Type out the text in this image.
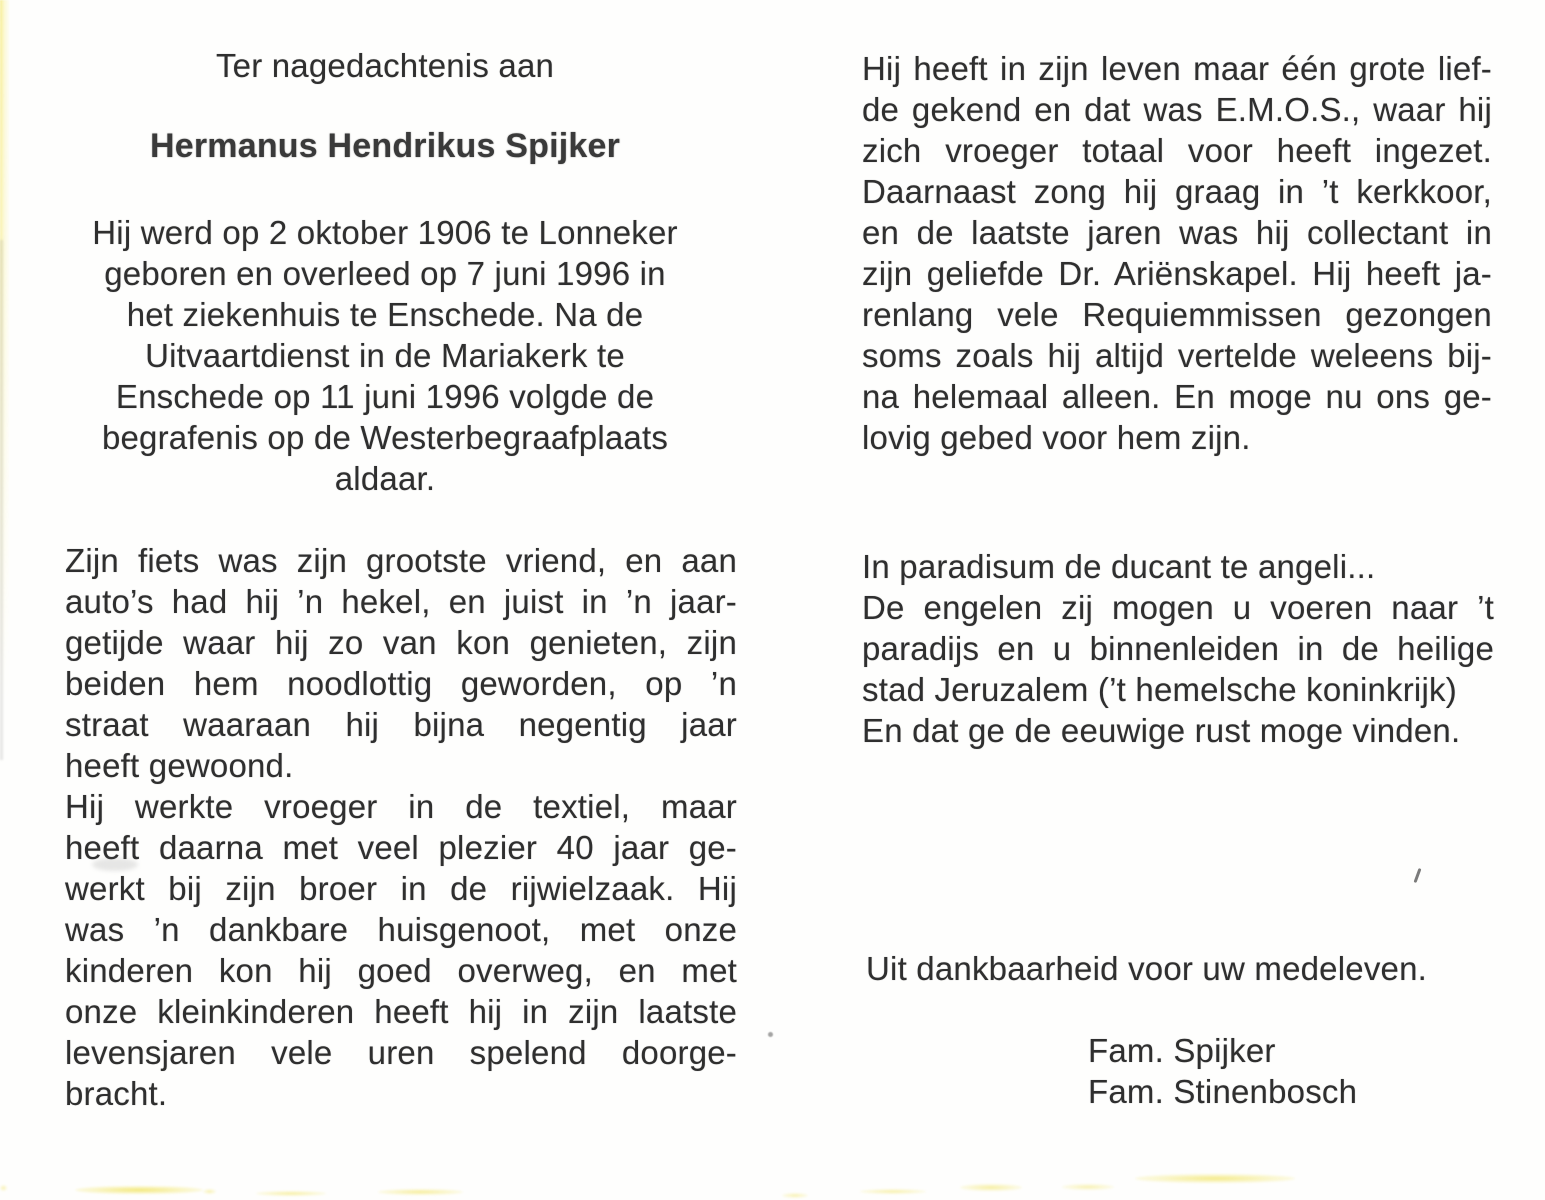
Ter nagedachtenis aan
Hermanus Hendrikus Spijker
Hij werd op 2 oktober 1906 te Lonneker
geboren en overleed op 7 juni 1996 in
het ziekenhuis te Enschede. Na de
Uitvaartdienst in de Mariakerk te
Enschede op 11 juni 1996 volgde de
begrafenis op de Westerbegraafplaats
aldaar.
Zijn fiets was zijn grootste vriend, en aan
auto’s had hij ’n hekel, en juist in ’n jaar-
getijde waar hij zo van kon genieten, zijn
beiden hem noodlottig geworden, op ’n
straat waaraan hij bijna negentig jaar
heeft gewoond.
Hij werkte vroeger in de textiel, maar
heeft daarna met veel plezier 40 jaar ge-
werkt bij zijn broer in de rijwielzaak. Hij
was ’n dankbare huisgenoot, met onze
kinderen kon hij goed overweg, en met
onze kleinkinderen heeft hij in zijn laatste
levensjaren vele uren spelend doorge-
bracht.
Hij heeft in zijn leven maar één grote lief-
de gekend en dat was E.M.O.S., waar hij
zich vroeger totaal voor heeft ingezet.
Daarnaast zong hij graag in ’t kerkkoor,
en de laatste jaren was hij collectant in
zijn geliefde Dr. Ariënskapel. Hij heeft ja-
renlang vele Requiemmissen gezongen
soms zoals hij altijd vertelde weleens bij-
na helemaal alleen. En moge nu ons ge-
lovig gebed voor hem zijn.
In paradisum de ducant te angeli...
De engelen zij mogen u voeren naar ’t
paradijs en u binnenleiden in de heilige
stad Jeruzalem (’t hemelsche koninkrijk)
En dat ge de eeuwige rust moge vinden.
Uit dankbaarheid voor uw medeleven.
Fam. Spijker
Fam. Stinenbosch
